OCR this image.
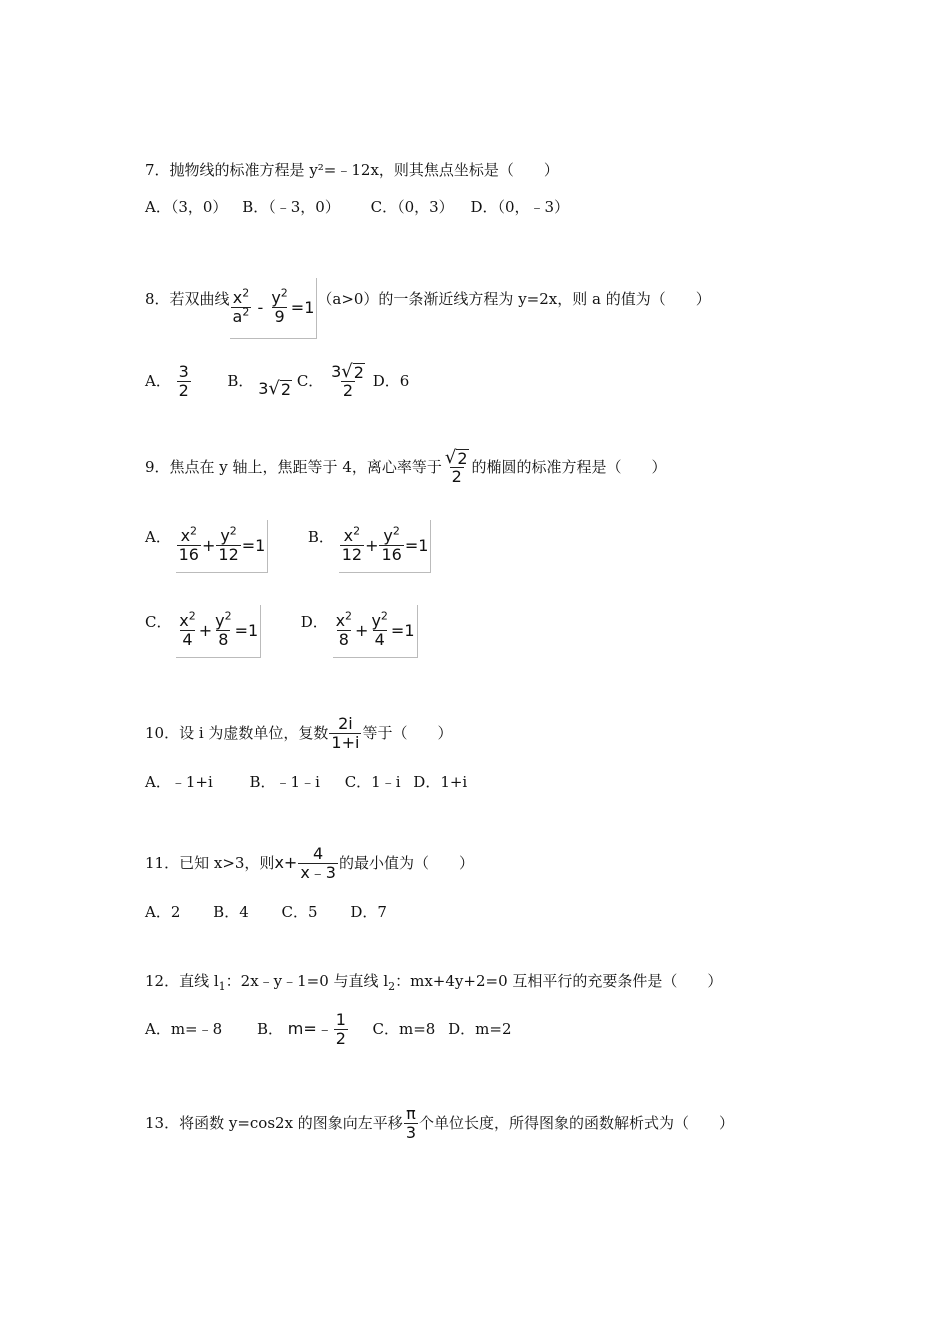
7．抛物线的标准方程是 y²=﹣12x，则其焦点坐标是（　　）
A．（3，0） B．（﹣3，0） C．（0，3） D．（0，﹣3）
8．若双曲线 $\frac{x^2}{a^2} - \frac{y^2}{9} =1$ （a>0）的一条渐近线方程为 y=2x，则 a 的值为（　　）
A． $\frac{3}{2}$ B． 3 √ 2 C． $\frac{3 √ 2}{2}$ D．6
9．焦点在 y 轴上，焦距等于 4，离心率等于 $\frac{√ 2}{2}$ 的椭圆的标准方程是（　　）
A． $\frac{x^2}{16} + \frac{y^2}{12} =1$	B． $\frac{x^2}{12} + \frac{y^2}{16} =1$
C． $\frac{x^2}{4} + \frac{y^2}{8} =1$	D． $\frac{x^2}{8} + \frac{y^2}{4} =1$
10．设 i 为虚数单位，复数 $\frac{2i}{1+i}$ 等于（　　）
A．﹣1+i B．﹣1﹣i C．1﹣i D．1+i
11．已知 x>3，则$x+ \frac{4}{x﹣3}$ 的最小值为（　　）
A．2 B．4 C．5 D．7
12．直线 $l_1$：2x﹣y﹣1=0 与直线 $l_2$：mx+4y+2=0 互相平行的充要条件是（　　）
A．m=﹣8 B． m=﹣ $\frac{1}{2}$ C．m=8 D．m=2
13．将函数 y=cos2x 的图象向左平移 $\frac{\pi}{3}$ 个单位长度，所得图象的函数解析式为（　　）
